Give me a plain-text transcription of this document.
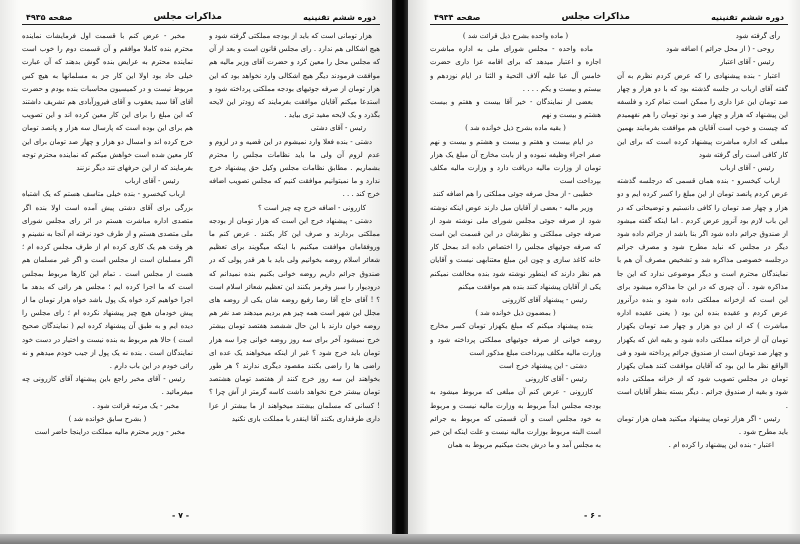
دوره ششم تقنینیه
مذاکرات مجلس
صفحه ۴۹۳۵

هزار تومانی است که باید از بودجه مملکتی گرفته شود و هیچ اشکالی هم ندارد . رای مجلس قانون است و بعد از آن که مجلس محل را معین کرد و حضرت آقای وزیر مالیه هم موافقت فرمودند دیگر هیچ اشکالی وارد نخواهد بود که این هزار تومان از صرفه جوئیهای بودجه مملکتی پرداخته شود و استدعا میکنم آقایان موافقت بفرمایند که زودتر این لایحه بگذرد و یک لایحه مفید تری بیاید .

رئیس - آقای دشتی

دشتی - بنده فعلا وارد نمیشوم در این قضیه و در لزوم و عدم لزوم آن ولی ما باید نظامات مجلس را محترم بشماریم . مطابق نظامات مجلس وکیل حق پیشنهاد خرج ندارد و ما نمیتوانیم موافقت کنیم که مجلس تصویب اضافه خرج کند . . .

کازرونی - اضافه خرج چه چیز است ؟

دشتی - پیشنهاد خرج این است که هزار تومان از بودجه مملکتی بردارند و صرف این کار بکنند . عرض کنم ما وروفقامان موافقت میکنیم با اینکه میگویند برای تعظیم شعائر اسلام روضه بخوانیم ولی باید با هر قدر پولی که در صندوق جرائم داریم روضه خوانی بکنیم بنده نمیدانم که درودیوار را سبز وقرمز بکنند این تعظیم شعائر اسلام است ؟ ! آقای حاج آقا رضا رفیع روضه شان یکی از روضه های مجلل این شهر است همه چیز هم بردیم میدهند صد نفر هم روضه خوان دارند با این حال ششصد هفتصد تومان بیشتر خرج نمیشود آخر برای سه روز روضه خوانی چرا سه هزار تومان باید خرج شود ؟ غیر از اینکه میخواهند یک عده ای راضی ها را راضی بکنند مقصود دیگری ندارند ؟ هر طور بخواهند این سه روز خرج کنند از هفتصد تومان هشتصد تومان بیشتر خرج نخواهد داشت کاسه گرمتر از آش چرا ؟ ! کسانی که مسلمان بیشتند میخواهند از ما بیشتر از عزا داری طرفداری بکنند آقا اینقدر با مملکت بازی نکنید

مخبر - عرض کنم با قسمت اول فرمایشات نماینده محترم بنده کاملا موافقم و آن قسمت دوم را خوب است نماینده محترم به عرایض بنده گوش بدهند که آن عبارت خیلی حاد بود اولا این کار جز به مسلمانها به هیچ کس مربوط نیست و در کمیسیون محاسبات بنده بودم و حضرت آقای آقا سید یعقوب و آقای فیروزآبادی هم تشریف داشتند که این مبلغ را برای این کار معین کرده اند و این تصویب هم برای این بوده است که پارسال سه هزار و پانصد تومان خرج کرده اند و امسال دو هزار و چهار صد تومان برای این کار معین شده است خواهش میکنم که نماینده محترم توجه بفرمایند که از این حرفهای تند دیگر نزنند

رئیس - آقای ارباب

ارباب کیخسرو - بنده خیلی متاسف هستم که یک اشتباه بزرگی برای آقای دشتی پیش آمده است اولا بنده اگر متصدی اداره مباشرت هستم در اثر رای مجلس شورای ملی متصدی هستم و از طرف خود نرفته ام آنجا به نشینم و هر وقت هم یک کاری کرده ام از طرف مجلس کرده ام ؛ اگر مسلمان است از مجلس است و اگر غیر مسلمان هم هست از مجلس است . تمام این کارها مربوط بمجلس است که ما اجرا کرده ایم ؛ مجلس هر رائی که بدهد ما اجرا خواهیم کرد خواه یک پول باشد خواه هزار تومان ما از پیش خودمان هیچ چیز پیشنهاد نکرده ام ؛ رای مجلس را دیده ایم و به طبق آن پیشنهاد کرده ایم ( نمایندگان صحیح است ) حالا هم مربوط به بنده نیست و اختیار در دست خود نمایندگان است . بنده نه یک پول از جیب خودم میدهم و نه رائی خودم در این باب دارم .

رئیس - آقای مخبر راجع باین پیشنهاد آقای کازرونی چه میفرمائید .

مخبر - یک مرتبه قرائت شود .

( بشرح سابق خوانده شد )

مخبر - وزیر محترم مالیه مملکت دراینجا حاضر است

- ۷ -
دوره ششم تقنینیه
مذاکرات مجلس
صفحه ۴۹۳۴

رأی گرفته شود

روحی - ( از محل جرائم ) اضافه شود

رئیس - آقای اعتبار

اعتبار - بنده پیشنهادی را که عرض کردم نظرم به آن گفته آقای ارباب در جلسه گذشته بود که با دو هزار و چهار صد تومان این عزا داری را ممکن است تمام کرد و فلسفه این پیشنهاد که هزار و چهار صد و نود تومان را هم نفهمیدم که چیست و خوب است آقایان هم موافقت بفرمایند بهمین مبلغی که اداره مباشرت پیشنهاد کرده است که برای این کار کافی است رأی گرفته شود

رئیس - آقای ارباب

ارباب کیخسرو - بنده همان قسمی که درجلسه گذشته عرض کردم پانصد تومان از این مبلغ را کسر کرده ایم و دو هزار و چهار صد تومان را کافی دانستیم و توضیحاتی که در این باب لازم بود آنروز عرض کردم . اما اینکه گفته میشود از صندوق جرائم داده شود اگر بنا باشد از جرائم داده شود دیگر در مجلس که نباید مطرح شود و مصرف جرائم درجلسه خصوصی مذاکره شد و تشخیص مصرف آن هم با نمایندگان محترم است و دیگر موضوعی ندارد که این جا مذاکره شود . آن چیزی که در این جا مذاکره میشود برای این است که ازخزانه مملکتی داده شود و بنده درآنروز عرض کردم و عقیده بنده این بود ( یعنی عقیده اداره مباشرت ) که از این دو هزار و چهار صد تومان یکهزار تومان آن از خزانه مملکتی داده شود و بقیه اش که یکهزار و چهار صد تومان است از صندوق جرائم پرداخته شود و فی الواقع نظر ما این بود که آقایان موافقت کنند همان یکهزار تومان در مجلس تصویب شود که از خزانه مملکتی داده شود و بقیه از صندوق جرائم . دیگر بسته بنظر آقایان است .

رئیس - اگر هزار تومان پیشنهاد میکنید همان هزار تومان باید مطرح شود .

اعتبار - بنده این پیشنهاد را کرده ام .

( ماده واحده بشرح ذیل قرائت شد )

ماده واحده - مجلس شورای ملی به اداره مباشرت اجازه و اعتبار میدهد که برای اقامه عزا داری حضرت خامس آل عبا علیه آلاف التحیة و الثنا در ایام نوزدهم و بیستم و بیست و یکم . . . .

بعضی از نمایندگان - خیر آقا بیست و هفتم و بیست هشتم و بیست و نهم

( بقیه ماده بشرح ذیل خوانده شد )

در ایام بیست و هفتم و بیست و هشتم و بیست و نهم صفر اجراء وظیفه نموده و از بابت مخارج آن مبلغ یک هزار تومان از وزارت مالیه دریافت دارد و وزارت مالیه مکلف بپرداخت است

خطیبی - از محل صرفه جوئی مملکتی را هم اضافه کنند

وزیر مالیه - بعضی از آقایان میل دارند عوض اینکه نوشته شود از صرفه جوئی مجلس شورای ملی نوشته شود از صرفه جوئی مملکتی و نظرشان در این قسمت این است که صرفه جوئیهای مجلس را اختصاص داده اند بمحل کار خانه کاغذ سازی و چون این مبلغ معتنابهی نیست و آقایان هم نظر دارند که اینطور نوشته شود بنده مخالفت نمیکنم یکی از آقایان پیشنهاد کنند بنده هم موافقت میکنم

رئیس - پیشنهاد آقای کازرونی

( بمضمون ذیل خوانده شد )

بنده پیشنهاد میکنم که مبلغ یکهزار تومان کسر مخارج روضه خوانی از صرفه جوئیهای مملکتی پرداخته شود و وزارت مالیه مکلف بپرداخت مبلغ مذکور است

دشتی - این پیشنهاد خرج است

رئیس - آقای کازرونی

کازرونی - عرض کنم آن مبلغی که مربوط میشود به بودجه مجلس ابداً مربوط به وزارت مالیه نیست و مربوط به خود مجلس است و آن قسمتی که مربوط به جرائم است البته مربوط بوزارت مالیه نیست و علت اینکه این خبر به مجلس آمد و ما درش بحث میکنیم مربوط به همان

- ۶ -
